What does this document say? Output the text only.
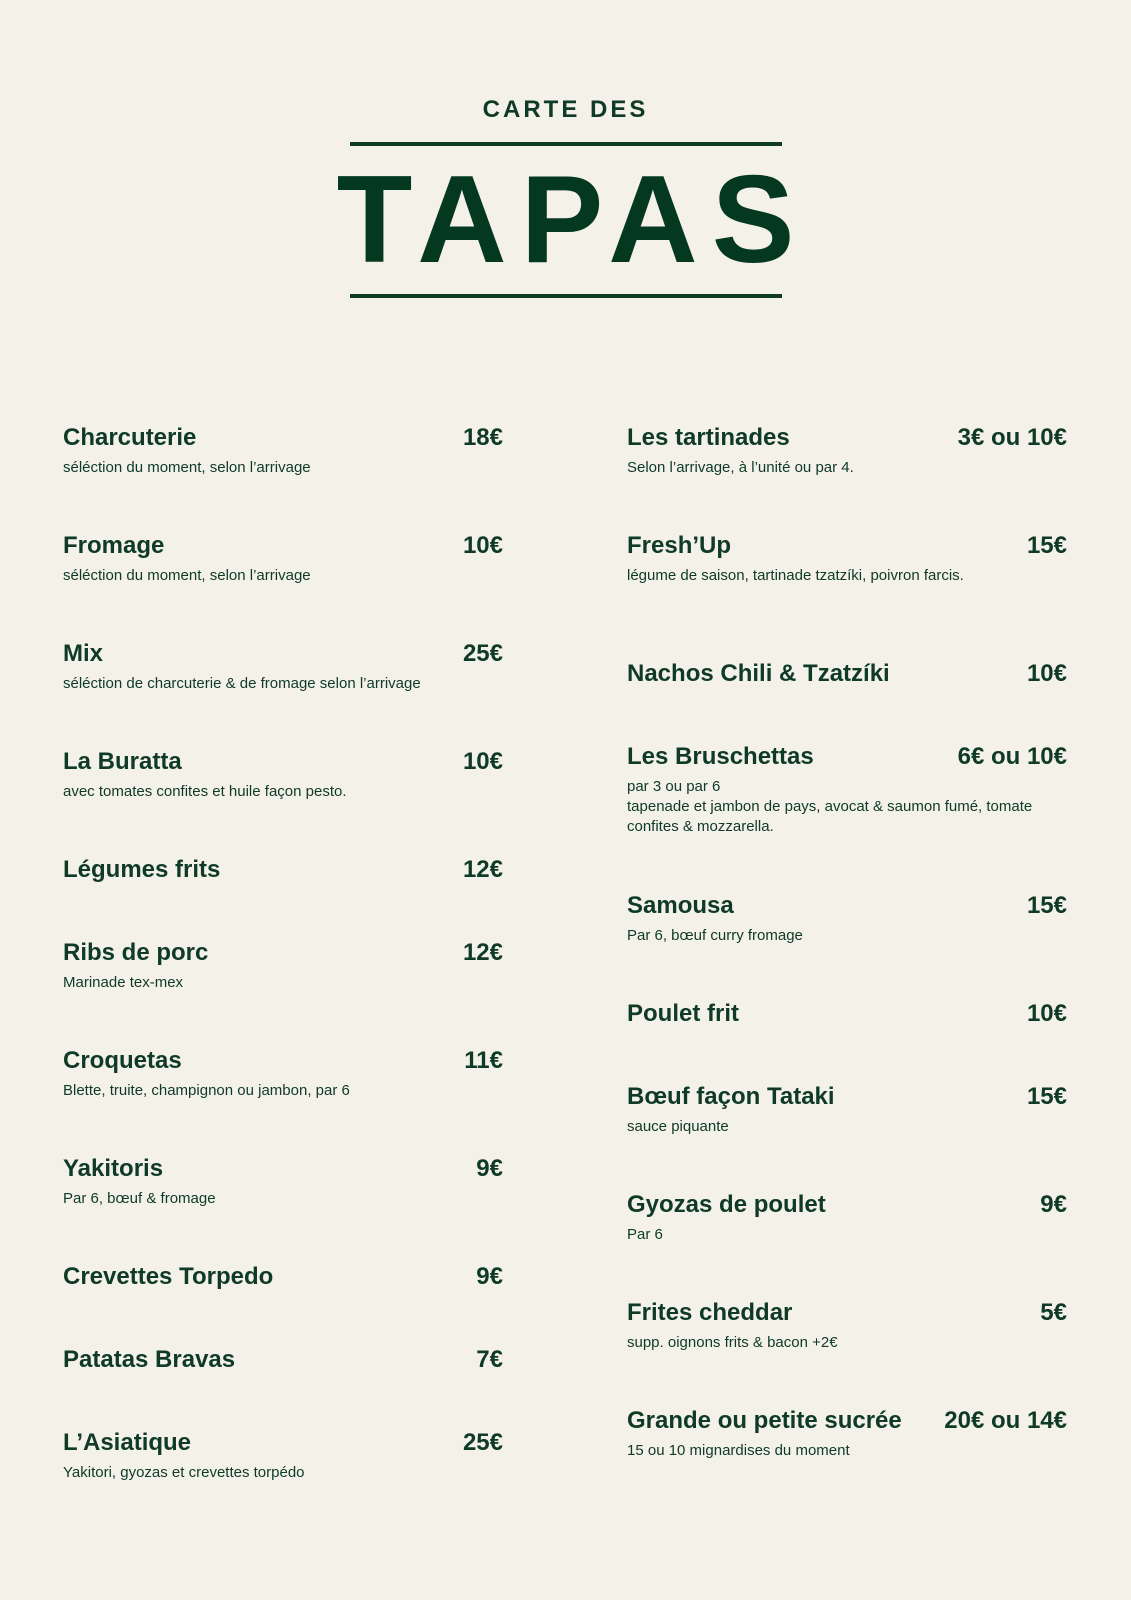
CARTE DES
TAPAS
Charcuterie	18€
séléction du moment, selon l’arrivage
Fromage	10€
séléction du moment, selon l’arrivage
Mix	25€
séléction de charcuterie & de fromage selon l’arrivage
La Buratta	10€
avec tomates confites et huile façon pesto.
Légumes frits	12€
Ribs de porc	12€
Marinade tex-mex
Croquetas	11€
Blette, truite, champignon ou jambon, par 6
Yakitoris	9€
Par 6, bœuf & fromage
Crevettes Torpedo	9€
Patatas Bravas	7€
L’Asiatique	25€
Yakitori, gyozas et crevettes torpédo
Les tartinades	3€ ou 10€
Selon l’arrivage, à l’unité ou par 4.
Fresh’Up	15€
légume de saison, tartinade tzatzíki, poivron farcis.
Nachos Chili & Tzatzíki	10€
Les Bruschettas	6€ ou 10€
par 3 ou par 6
tapenade et jambon de pays, avocat & saumon fumé, tomate confites & mozzarella.
Samousa	15€
Par 6, bœuf curry fromage
Poulet frit	10€
Bœuf façon Tataki	15€
sauce piquante
Gyozas de poulet	9€
Par 6
Frites cheddar	5€
supp. oignons frits & bacon +2€
Grande ou petite sucrée 20€ ou 14€
15 ou 10 mignardises du moment
